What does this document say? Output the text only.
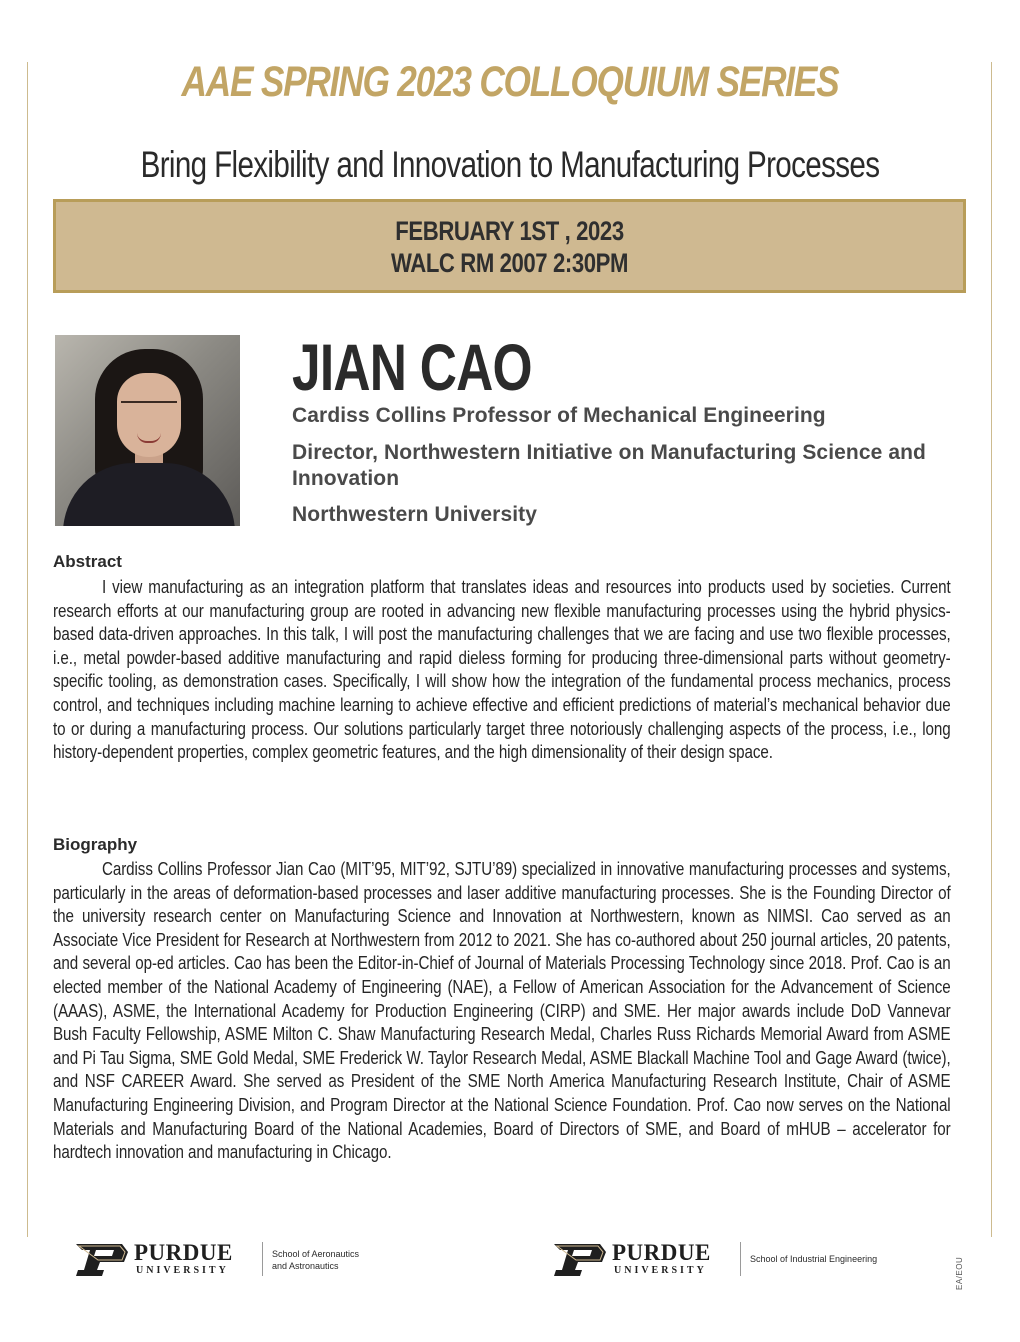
AAE SPRING 2023 COLLOQUIUM SERIES
Bring Flexibility and Innovation to Manufacturing Processes
FEBRUARY 1ST , 2023
WALC RM 2007 2:30PM
JIAN CAO
Cardiss Collins Professor of Mechanical Engineering
Director, Northwestern Initiative on Manufacturing Science and Innovation
Northwestern University
Abstract
I view manufacturing as an integration platform that translates ideas and resources into products used by societies. Current research efforts at our manufacturing group are rooted in advancing new flexible manufacturing processes using the hybrid physics-based data-driven approaches. In this talk, I will post the manufacturing challenges that we are facing and use two flexible processes, i.e., metal powder-based additive manufacturing and rapid dieless forming for producing three-dimensional parts without geometry-specific tooling, as demonstration cases. Specifically, I will show how the integration of the fundamental process mechanics, process control, and techniques including machine learning to achieve effective and efficient predictions of material’s mechanical behavior due to or during a manufacturing process. Our solutions particularly target three notoriously challenging aspects of the process, i.e., long history-dependent properties, complex geometric features, and the high dimensionality of their design space.
Biography
Cardiss Collins Professor Jian Cao (MIT’95, MIT’92, SJTU’89) specialized in innovative manufacturing processes and systems, particularly in the areas of deformation-based processes and laser additive manufacturing processes. She is the Founding Director of the university research center on Manufacturing Science and Innovation at Northwestern, known as NIMSI. Cao served as an Associate Vice President for Research at Northwestern from 2012 to 2021. She has co-authored about 250 journal articles, 20 patents, and several op-ed articles. Cao has been the Editor-in-Chief of Journal of Materials Processing Technology since 2018. Prof. Cao is an elected member of the National Academy of Engineering (NAE), a Fellow of American Association for the Advancement of Science (AAAS), ASME, the International Academy for Production Engineering (CIRP) and SME. Her major awards include DoD Vannevar Bush Faculty Fellowship, ASME Milton C. Shaw Manufacturing Research Medal, Charles Russ Richards Memorial Award from ASME and Pi Tau Sigma, SME Gold Medal, SME Frederick W. Taylor Research Medal, ASME Blackall Machine Tool and Gage Award (twice), and NSF CAREER Award. She served as President of the SME North America Manufacturing Research Institute, Chair of ASME Manufacturing Engineering Division, and Program Director at the National Science Foundation. Prof. Cao now serves on the National Materials and Manufacturing Board of the National Academies, Board of Directors of SME, and Board of mHUB – accelerator for hardtech innovation and manufacturing in Chicago.
PURDUE
UNIVERSITY
School of Aeronautics
and Astronautics
PURDUE
UNIVERSITY
School of Industrial Engineering	EA/EOU
